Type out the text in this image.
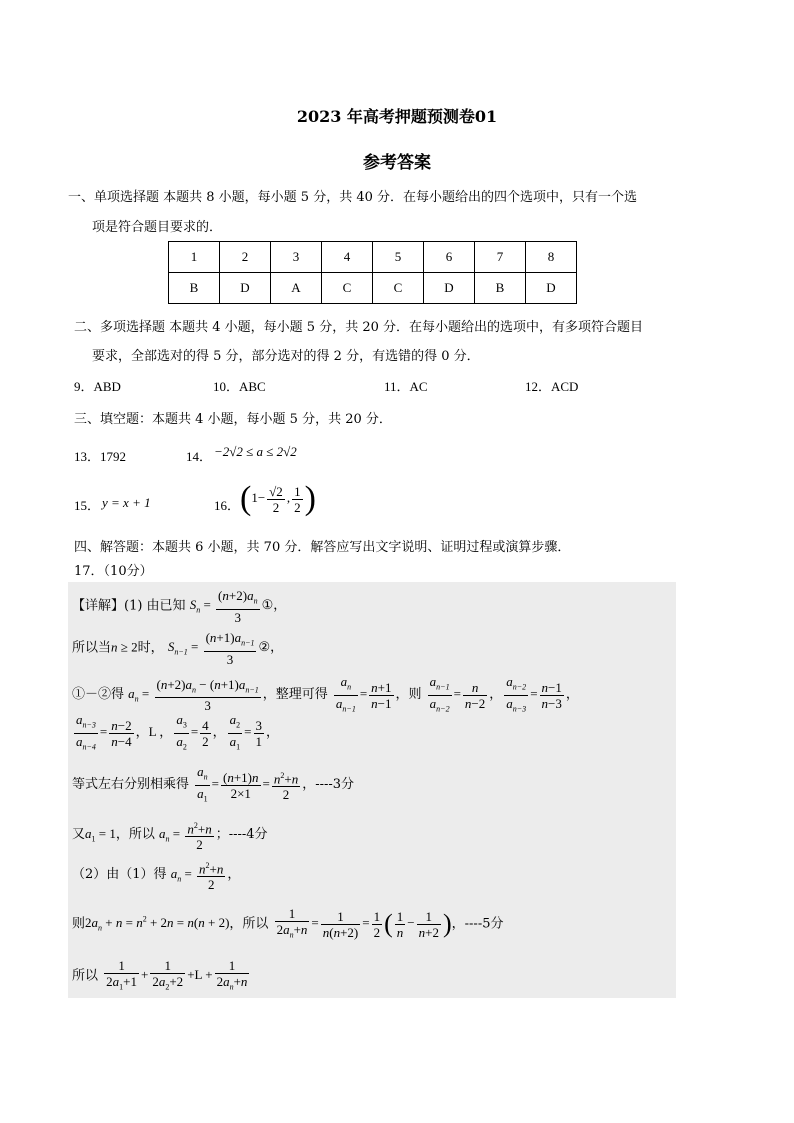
2023 年高考押题预测卷01
参考答案
一、单项选择题 本题共 8 小题，每小题 5 分，共 40 分．在每小题给出的四个选项中，只有一个选
项是符合题目要求的．
1	2	3	4	5	6	7	8
B	D	A	C	C	D	B	D
二、多项选择题 本题共 4 小题，每小题 5 分，共 20 分．在每小题给出的选项中，有多项符合题目
要求，全部选对的得 5 分，部分选对的得 2 分，有选错的得 0 分．
9．ABD	10．ABC	11．AC	12．ACD
三、填空题：本题共 4 小题，每小题 5 分，共 20 分．
13．1792	14． −2√2 ≤ a ≤ 2√2
15． y = x + 1	16． ($1- \frac{√2}{2}$ , $\frac{1}{2}$ )
四、解答题：本题共 6 小题，共 70 分．解答应写出文字说明、证明过程或演算步骤．
17．（10分）
【详解】(1) 由已知 $S_n = \frac{(n+2)a_n}{3}$ ①，
所以当n ≥ 2时， $S_{n-1} = \frac{(n+1)a_{n-1}}{3}$ ②，
①－②得 $a_n = \frac{(n+2)a_n - (n+1)a_{n-1}}{3}$ ，整理可得 $\frac{a_n}{a_{n-1}} = \frac{n+1}{n-1}$ ，则 $\frac{a_{n-1}}{a_{n-2}} = \frac{n}{n-2}$ ， $\frac{a_{n-2}}{a_{n-3}} = \frac{n-1}{n-3}$ ，
$\frac{a_{n-3}}{a_{n-4}} = \frac{n-2}{n-4}$ ，L ， $\frac{a_3}{a_2} = \frac{4}{2}$ ， $\frac{a_2}{a_1} = \frac{3}{1}$ ，
等式左右分别相乘得 $\frac{a_n}{a_1} = \frac{(n+1)n}{2\times 1} = \frac{n^2+n}{2}$ ，----3分
又$a_1 = 1$，所以 $a_n = \frac{n^2+n}{2}$ ；----4分
（2）由（1）得 $a_n = \frac{n^2+n}{2}$ ，
则$2a_n + n = n^2 + 2n = n(n + 2)$，所以 $\frac{1}{2a_n+n} = \frac{1}{n(n+2)} = \frac{1}{2}$ ( $\frac{1}{n} - \frac{1}{n+2}$ )，----5分
所以 $\frac{1}{2a_1+1} + \frac{1}{2a_2+2} +L + \frac{1}{2a_n+n}$
